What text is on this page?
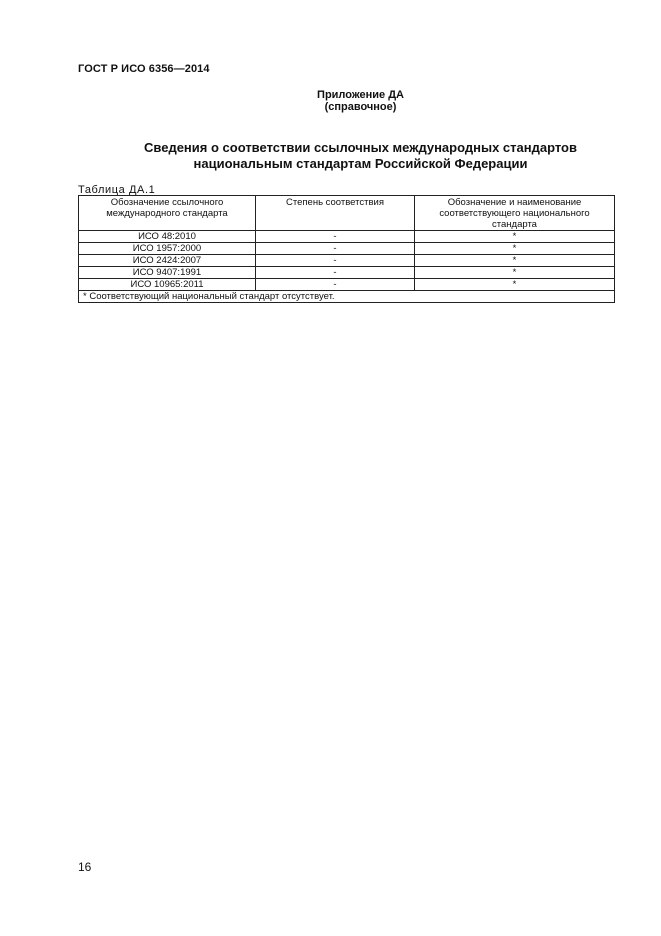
ГОСТ Р ИСО 6356—2014
Приложение ДА
(справочное)
Сведения о соответствии ссылочных международных стандартов
национальным стандартам Российской Федерации
Таблица ДА.1
Обозначение ссылочного международного стандарта	Степень соответствия	Обозначение и наименование соответствующего национального стандарта
ИСО 48:2010	-	*
ИСО 1957:2000	-	*
ИСО 2424:2007	-	*
ИСО 9407:1991	-	*
ИСО 10965:2011	-	*
* Соответствующий национальный стандарт отсутствует.		
16
